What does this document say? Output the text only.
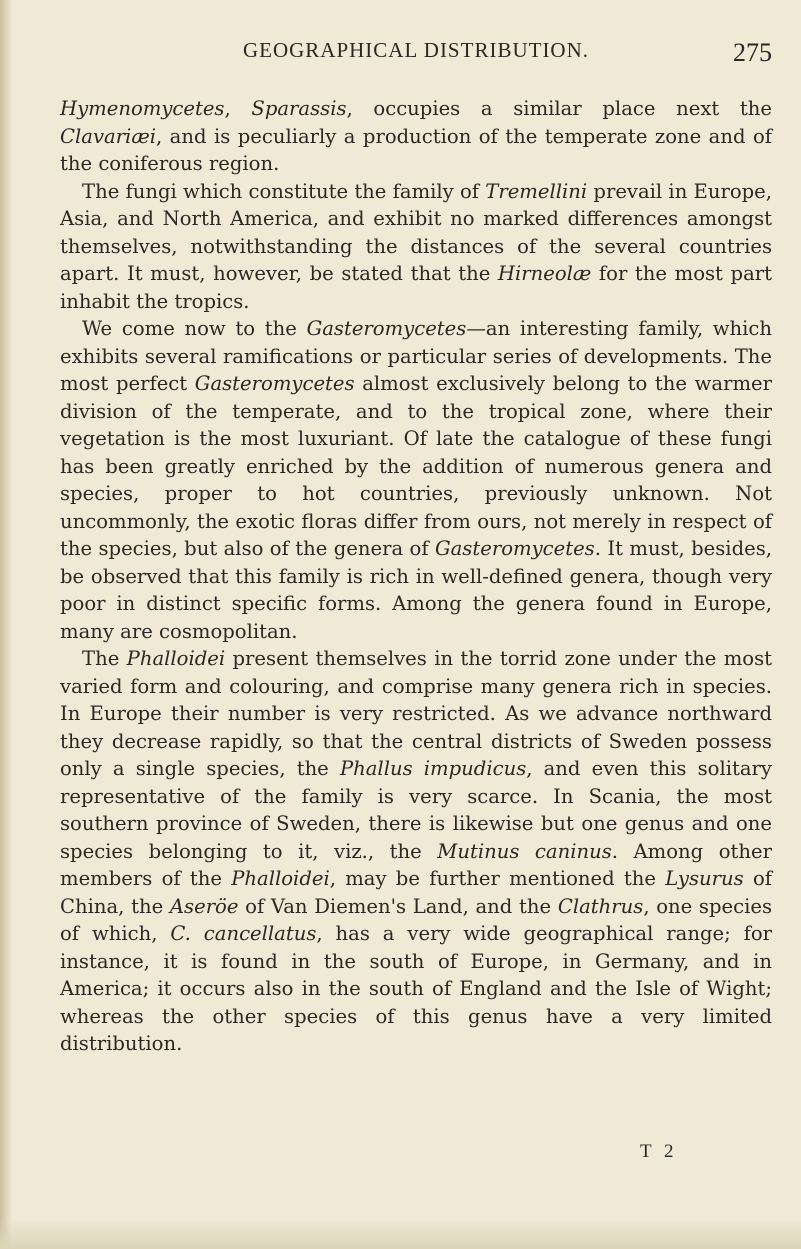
GEOGRAPHICAL DISTRIBUTION.	275

Hymenomycetes, Sparassis, occupies a similar place next the Clavariæi, and is peculiarly a production of the temperate zone and of the coniferous region.

The fungi which constitute the family of Tremellini prevail in Europe, Asia, and North America, and exhibit no marked differences amongst themselves, notwithstanding the distances of the several countries apart. It must, however, be stated that the Hirneolæ for the most part inhabit the tropics.

We come now to the Gasteromycetes—an interesting family, which exhibits several ramifications or particular series of developments. The most perfect Gasteromycetes almost exclusively belong to the warmer division of the temperate, and to the tropical zone, where their vegetation is the most luxuriant. Of late the catalogue of these fungi has been greatly enriched by the addition of numerous genera and species, proper to hot countries, previously unknown. Not uncommonly, the exotic floras differ from ours, not merely in respect of the species, but also of the genera of Gasteromycetes. It must, besides, be observed that this family is rich in well-defined genera, though very poor in distinct specific forms. Among the genera found in Europe, many are cosmopolitan.

The Phalloidei present themselves in the torrid zone under the most varied form and colouring, and comprise many genera rich in species. In Europe their number is very restricted. As we advance northward they decrease rapidly, so that the central districts of Sweden possess only a single species, the Phallus impudicus, and even this solitary representative of the family is very scarce. In Scania, the most southern province of Sweden, there is likewise but one genus and one species belonging to it, viz., the Mutinus caninus. Among other members of the Phalloidei, may be further mentioned the Lysurus of China, the Aseröe of Van Diemen's Land, and the Clathrus, one species of which, C. cancellatus, has a very wide geographical range; for instance, it is found in the south of Europe, in Germany, and in America; it occurs also in the south of England and the Isle of Wight; whereas the other species of this genus have a very limited distribution.

T 2
